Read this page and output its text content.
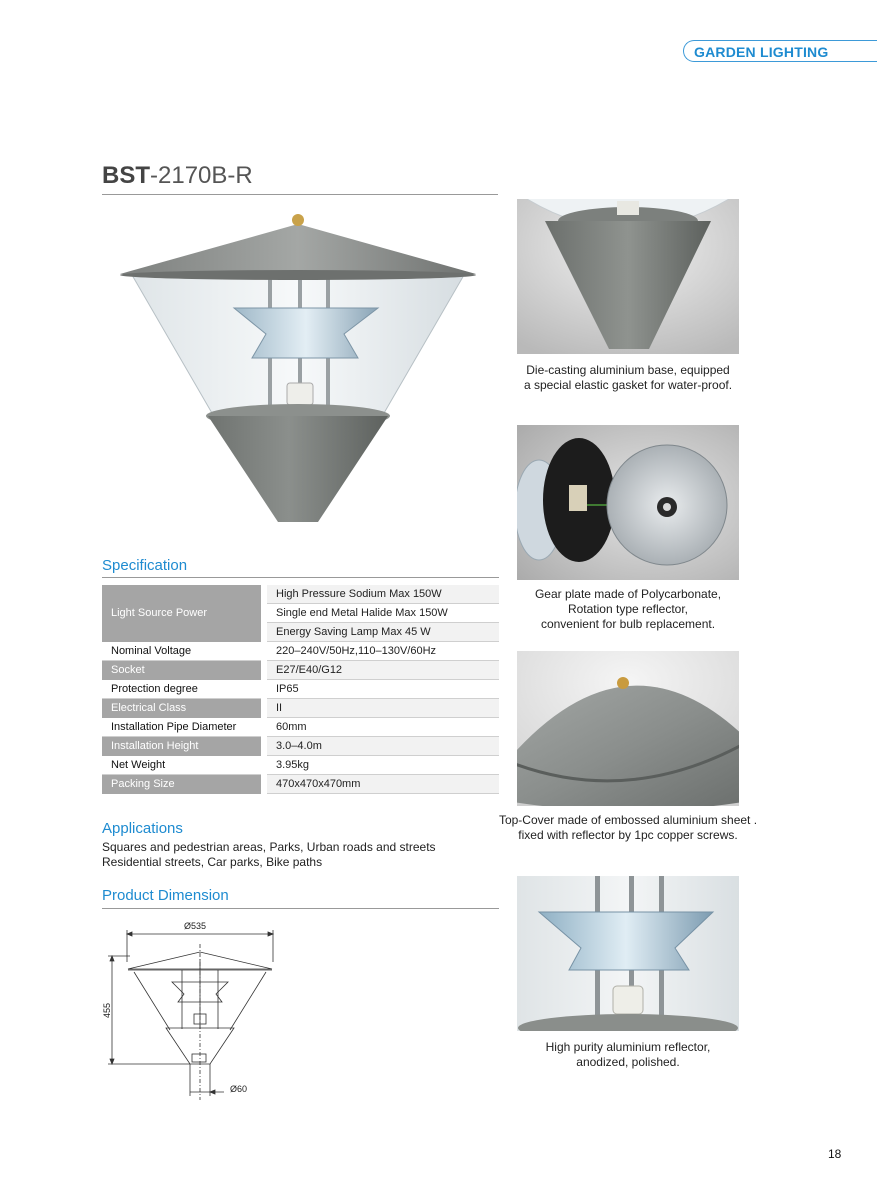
GARDEN LIGHTING
BST-2170B-R
Specification
Light Source Power		High Pressure Sodium Max 150W
		Single end Metal Halide Max 150W
		Energy Saving Lamp Max 45 W
Nominal Voltage		220–240V/50Hz,110–130V/60Hz
Socket		E27/E40/G12
Protection degree		IP65
Electrical Class		II
Installation Pipe Diameter		60mm
Installation Height		3.0–4.0m
Net Weight		3.95kg
Packing Size		470x470x470mm
Applications
Squares and pedestrian areas, Parks, Urban roads and streets
Residential streets, Car parks, Bike paths
Product Dimension
Ø535
455
Ø60
Die-casting aluminium base, equipped
a special elastic gasket for water-proof.
Gear plate made of Polycarbonate,
Rotation type reflector,
convenient for bulb replacement.
Top-Cover made of embossed aluminium sheet .
fixed with reflector by 1pc copper screws.
High purity aluminium reflector,
anodized, polished.
18
